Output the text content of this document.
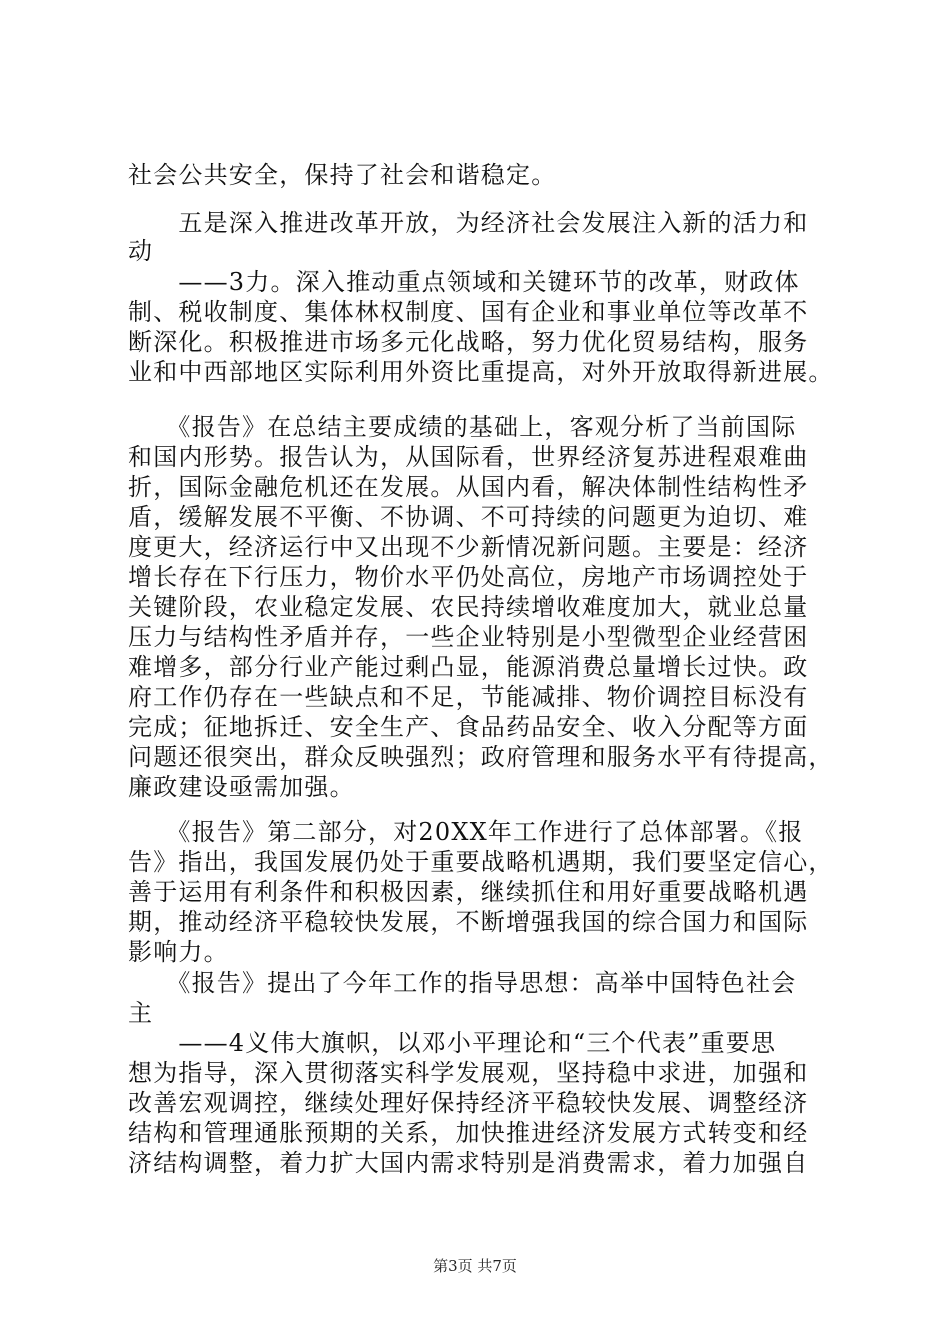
社会公共安全，保持了社会和谐稳定。
　　五是深入推进改革开放，为经济社会发展注入新的活力和
动
　　——3力。深入推动重点领域和关键环节的改革，财政体
制、税收制度、集体林权制度、国有企业和事业单位等改革不
断深化。积极推进市场多元化战略，努力优化贸易结构，服务
业和中西部地区实际利用外资比重提高，对外开放取得新进展。
　　《报告》在总结主要成绩的基础上，客观分析了当前国际
和国内形势。报告认为，从国际看，世界经济复苏进程艰难曲
折，国际金融危机还在发展。从国内看，解决体制性结构性矛
盾，缓解发展不平衡、不协调、不可持续的问题更为迫切、难
度更大，经济运行中又出现不少新情况新问题。主要是：经济
增长存在下行压力，物价水平仍处高位，房地产市场调控处于
关键阶段，农业稳定发展、农民持续增收难度加大，就业总量
压力与结构性矛盾并存，一些企业特别是小型微型企业经营困
难增多，部分行业产能过剩凸显，能源消费总量增长过快。政
府工作仍存在一些缺点和不足，节能减排、物价调控目标没有
完成；征地拆迁、安全生产、食品药品安全、收入分配等方面
问题还很突出，群众反映强烈；政府管理和服务水平有待提高，
廉政建设亟需加强。
　　《报告》第二部分，对20XX年工作进行了总体部署。《报
告》指出，我国发展仍处于重要战略机遇期，我们要坚定信心，
善于运用有利条件和积极因素，继续抓住和用好重要战略机遇
期，推动经济平稳较快发展，不断增强我国的综合国力和国际
影响力。
　　《报告》提出了今年工作的指导思想：高举中国特色社会
主
　　——4义伟大旗帜，以邓小平理论和“三个代表”重要思
想为指导，深入贯彻落实科学发展观，坚持稳中求进，加强和
改善宏观调控，继续处理好保持经济平稳较快发展、调整经济
结构和管理通胀预期的关系，加快推进经济发展方式转变和经
济结构调整，着力扩大国内需求特别是消费需求，着力加强自
第3页 共7页
